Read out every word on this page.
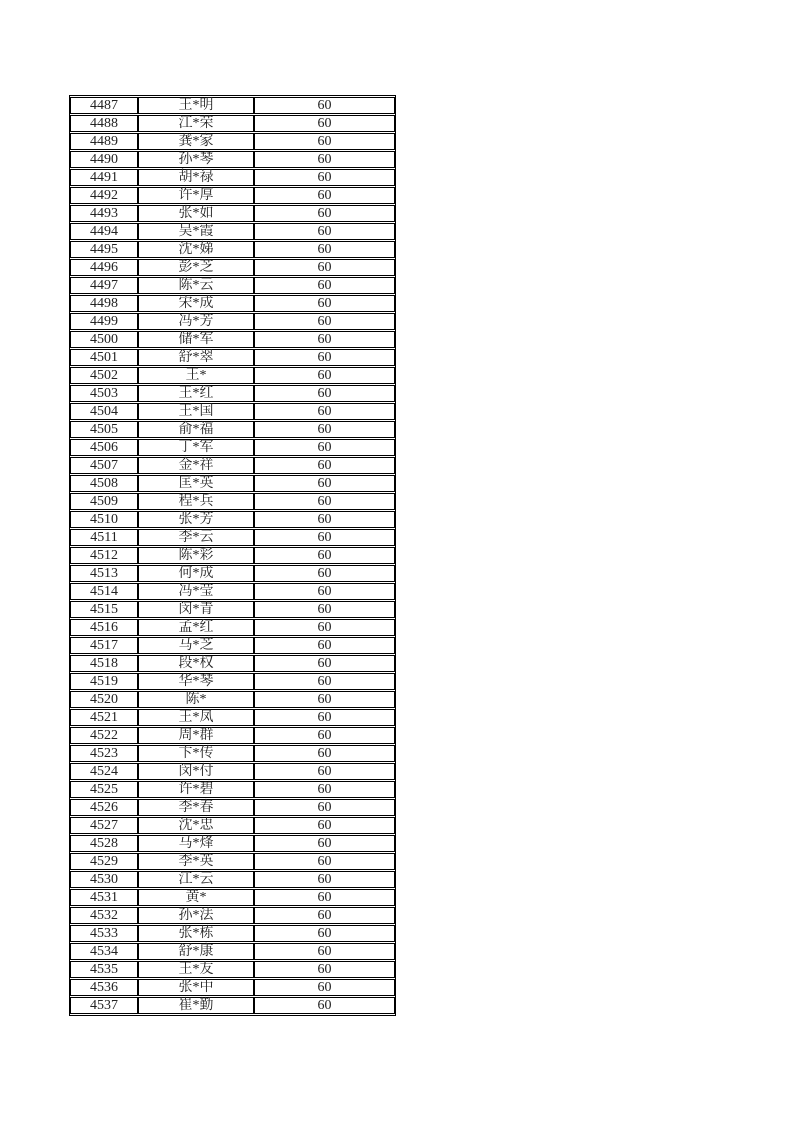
4487	王*明	60
4488	江*荣	60
4489	龚*家	60
4490	孙*琴	60
4491	胡*禄	60
4492	许*厚	60
4493	张*如	60
4494	吴*霞	60
4495	沈*娣	60
4496	彭*芝	60
4497	陈*云	60
4498	宋*成	60
4499	冯*芳	60
4500	储*军	60
4501	舒*翠	60
4502	王*	60
4503	王*红	60
4504	王*国	60
4505	俞*福	60
4506	丁*军	60
4507	金*祥	60
4508	匡*英	60
4509	程*兵	60
4510	张*芳	60
4511	李*云	60
4512	陈*彩	60
4513	何*成	60
4514	冯*莹	60
4515	闵*青	60
4516	孟*红	60
4517	马*芝	60
4518	段*权	60
4519	华*琴	60
4520	陈*	60
4521	王*凤	60
4522	周*群	60
4523	卞*传	60
4524	闵*付	60
4525	许*碧	60
4526	李*春	60
4527	沈*忠	60
4528	马*烽	60
4529	李*英	60
4530	江*云	60
4531	黄*	60
4532	孙*法	60
4533	张*栋	60
4534	舒*康	60
4535	王*友	60
4536	张*中	60
4537	崔*勤	60
